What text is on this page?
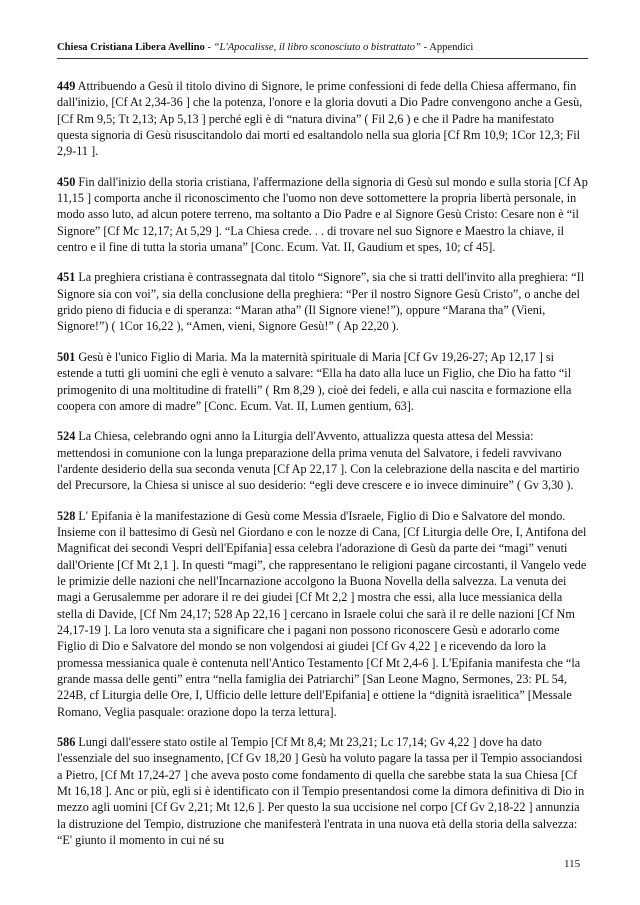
Chiesa Cristiana Libera Avellino - “L'Apocalisse, il libro sconosciuto o bistrattato” - Appendici

449 Attribuendo a Gesù il titolo divino di Signore, le prime confessioni di fede della Chiesa affermano, fin dall'inizio, [Cf At 2,34-36 ] che la potenza, l'onore e la gloria dovuti a Dio Padre convengono anche a Gesù, [Cf Rm 9,5; Tt 2,13; Ap 5,13 ] perché egli è di “natura divina” ( Fil 2,6 ) e che il Padre ha manifestato questa signoria di Gesù risuscitandolo dai morti ed esaltandolo nella sua gloria [Cf Rm 10,9; 1Cor 12,3; Fil 2,9-11 ].

450 Fin dall'inizio della storia cristiana, l'affermazione della signoria di Gesù sul mondo e sulla storia [Cf Ap 11,15 ] comporta anche il riconoscimento che l'uomo non deve sottomettere la propria libertà personale, in modo asso luto, ad alcun potere terreno, ma soltanto a Dio Padre e al Signore Gesù Cristo: Cesare non è “il Signore” [Cf Mc 12,17; At 5,29 ]. “La Chiesa crede. . . di trovare nel suo Signore e Maestro la chiave, il centro e il fine di tutta la storia umana” [Conc. Ecum. Vat. II, Gaudium et spes, 10; cf 45].

451 La preghiera cristiana è contrassegnata dal titolo “Signore”, sia che si tratti dell'invito alla preghiera: “Il Signore sia con voi”, sia della conclusione della preghiera: “Per il nostro Signore Gesù Cristo”, o anche del grido pieno di fiducia e di speranza: “Maran atha” (Il Signore viene!”), oppure “Marana tha” (Vieni, Signore!”) ( 1Cor 16,22 ), “Amen, vieni, Signore Gesù!” ( Ap 22,20 ).

501 Gesù è l'unico Figlio di Maria. Ma la maternità spirituale di Maria [Cf Gv 19,26-27; Ap 12,17 ] si estende a tutti gli uomini che egli è venuto a salvare: “Ella ha dato alla luce un Figlio, che Dio ha fatto “il primogenito di una moltitudine di fratelli” ( Rm 8,29 ), cioè dei fedeli, e alla cui nascita e formazione ella coopera con amore di madre” [Conc. Ecum. Vat. II, Lumen gentium, 63].

524 La Chiesa, celebrando ogni anno la Liturgia dell'Avvento, attualizza questa attesa del Messia: mettendosi in comunione con la lunga preparazione della prima venuta del Salvatore, i fedeli ravvivano l'ardente desiderio della sua seconda venuta [Cf Ap 22,17 ]. Con la celebrazione della nascita e del martirio del Precursore, la Chiesa si unisce al suo desiderio: “egli deve crescere e io invece diminuire” ( Gv 3,30 ).

528 L' Epifania è la manifestazione di Gesù come Messia d'Israele, Figlio di Dio e Salvatore del mondo. Insieme con il battesimo di Gesù nel Giordano e con le nozze di Cana, [Cf Liturgia delle Ore, I, Antifona del Magnificat dei secondi Vespri dell'Epifania] essa celebra l'adorazione di Gesù da parte dei “magi” venuti dall'Oriente [Cf Mt 2,1 ]. In questi “magi”, che rappresentano le religioni pagane circostanti, il Vangelo vede le primizie delle nazioni che nell'Incarnazione accolgono la Buona Novella della salvezza. La venuta dei magi a Gerusalemme per adorare il re dei giudei [Cf Mt 2,2 ] mostra che essi, alla luce messianica della stella di Davide, [Cf Nm 24,17; 528 Ap 22,16 ] cercano in Israele colui che sarà il re delle nazioni [Cf Nm 24,17-19 ]. La loro venuta sta a significare che i pagani non possono riconoscere Gesù e adorarlo come Figlio di Dio e Salvatore del mondo se non volgendosi ai giudei [Cf Gv 4,22 ] e ricevendo da loro la promessa messianica quale è contenuta nell'Antico Testamento [Cf Mt 2,4-6 ]. L'Epifania manifesta che “la grande massa delle genti” entra “nella famiglia dei Patriarchi” [San Leone Magno, Sermones, 23: PL 54, 224B, cf Liturgia delle Ore, I, Ufficio delle letture dell'Epifania] e ottiene la “dignità israelitica” [Messale Romano, Veglia pasquale: orazione dopo la terza lettura].

586 Lungi dall'essere stato ostile al Tempio [Cf Mt 8,4; Mt 23,21; Lc 17,14; Gv 4,22 ] dove ha dato l'essenziale del suo insegnamento, [Cf Gv 18,20 ] Gesù ha voluto pagare la tassa per il Tempio associandosi a Pietro, [Cf Mt 17,24-27 ] che aveva posto come fondamento di quella che sarebbe stata la sua Chiesa [Cf Mt 16,18 ]. Anc or più, egli si è identificato con il Tempio presentandosi come la dimora definitiva di Dio in mezzo agli uomini [Cf Gv 2,21; Mt 12,6 ]. Per questo la sua uccisione nel corpo [Cf Gv 2,18-22 ] annunzia la distruzione del Tempio, distruzione che manifesterà l'entrata in una nuova età della storia della salvezza: “E' giunto il momento in cui né su

115
